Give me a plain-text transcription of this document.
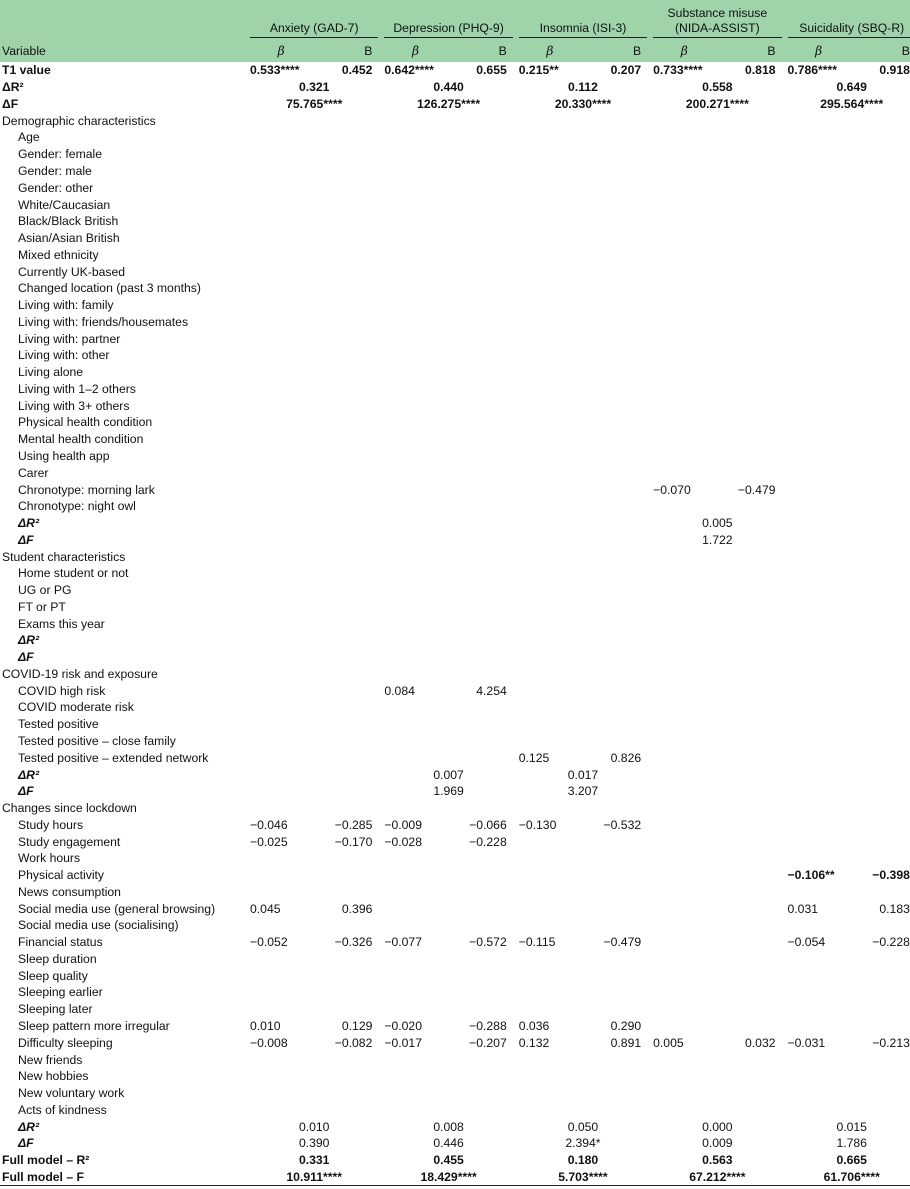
	Anxiety (GAD-7)			Depression (PHQ-9)			Insomnia (ISI-3)			Substance misuse
(NIDA-ASSIST)			Suicidality (SBQ-R)	
Variable	β	B		β	B		β	B		β	B		β	B
T1 value	0.533****	0.452		0.642****	0.655		0.215**	0.207		0.733****	0.818		0.786****	0.918
ΔR²	0.321			0.440			0.112			0.558			0.649	
ΔF	75.765****			126.275****			20.330****			200.271****			295.564****	
Demographic characteristics														
Age														
Gender: female														
Gender: male														
Gender: other														
White/Caucasian														
Black/Black British														
Asian/Asian British														
Mixed ethnicity														
Currently UK-based														
Changed location (past 3 months)														
Living with: family														
Living with: friends/housemates														
Living with: partner														
Living with: other														
Living alone														
Living with 1–2 others														
Living with 3+ others														
Physical health condition														
Mental health condition														
Using health app														
Carer														
Chronotype: morning lark										−0.070	−0.479			
Chronotype: night owl														
ΔR²										0.005				
ΔF										1.722				
Student characteristics														
Home student or not														
UG or PG														
FT or PT														
Exams this year														
ΔR²														
ΔF														
COVID-19 risk and exposure														
COVID high risk				0.084	4.254									
COVID moderate risk														
Tested positive														
Tested positive – close family														
Tested positive – extended network							0.125	0.826						
ΔR²				0.007			0.017							
ΔF				1.969			3.207							
Changes since lockdown														
Study hours	−0.046	−0.285		−0.009	−0.066		−0.130	−0.532						
Study engagement	−0.025	−0.170		−0.028	−0.228									
Work hours														
Physical activity													−0.106**	−0.398
News consumption														
Social media use (general browsing)	0.045	0.396											0.031	0.183
Social media use (socialising)														
Financial status	−0.052	−0.326		−0.077	−0.572		−0.115	−0.479					−0.054	−0.228
Sleep duration														
Sleep quality														
Sleeping earlier														
Sleeping later														
Sleep pattern more irregular	0.010	0.129		−0.020	−0.288		0.036	0.290						
Difficulty sleeping	−0.008	−0.082		−0.017	−0.207		0.132	0.891		0.005	0.032		−0.031	−0.213
New friends														
New hobbies														
New voluntary work														
Acts of kindness														
ΔR²	0.010			0.008			0.050			0.000			0.015	
ΔF	0.390			0.446			2.394*			0.009			1.786	
Full model – R²	0.331			0.455			0.180			0.563			0.665	
Full model – F	10.911****			18.429****			5.703****			67.212****			61.706****	
